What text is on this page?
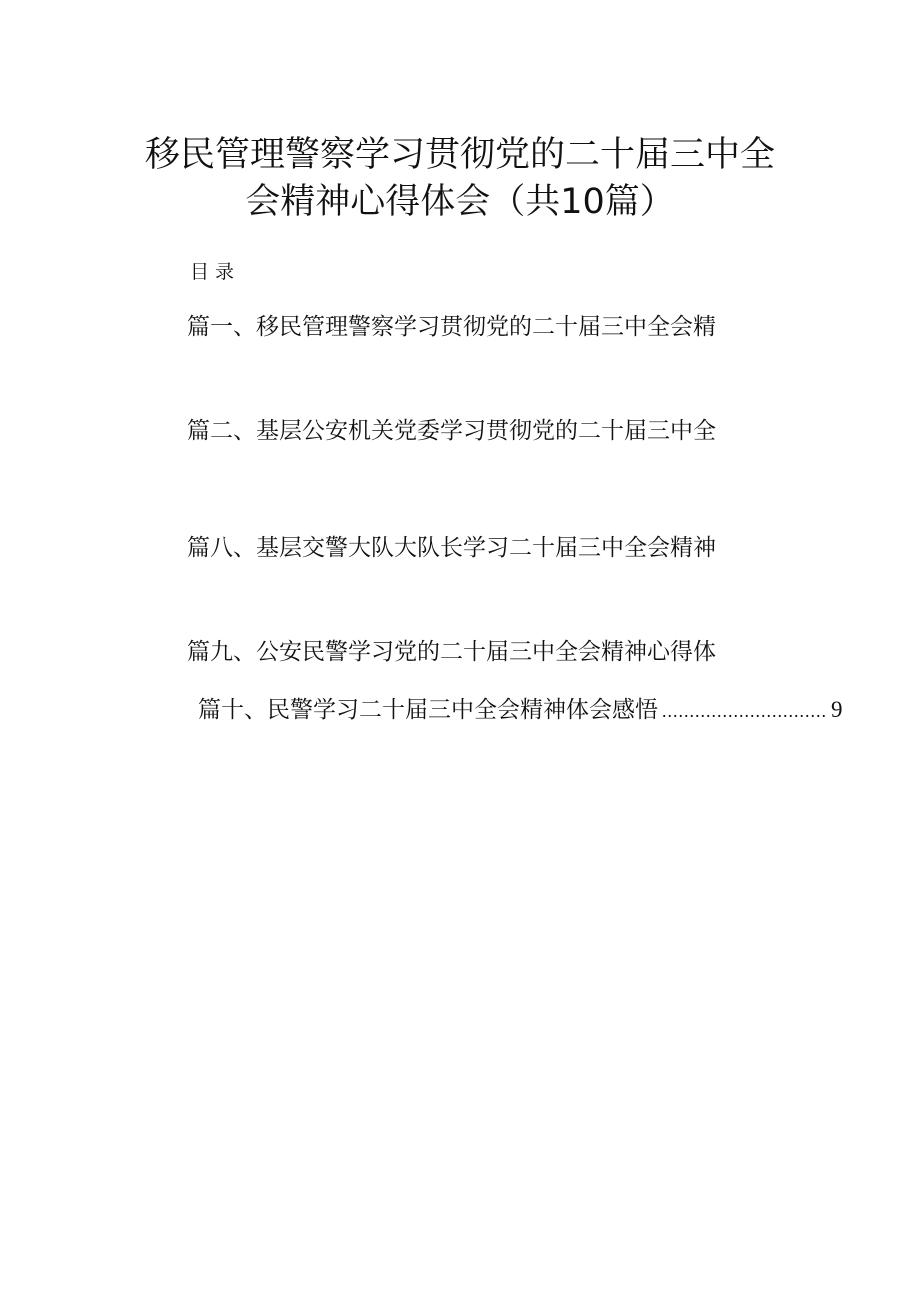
移民管理警察学习贯彻党的二十届三中全
会精神心得体会（共10篇）
目录
篇一、移民管理警察学习贯彻党的二十届三中全会精
篇二、基层公安机关党委学习贯彻党的二十届三中全
篇八、基层交警大队大队长学习二十届三中全会精神
篇九、公安民警学习党的二十届三中全会精神心得体
篇十、民警学习二十届三中全会精神体会感悟 .............................. 9
